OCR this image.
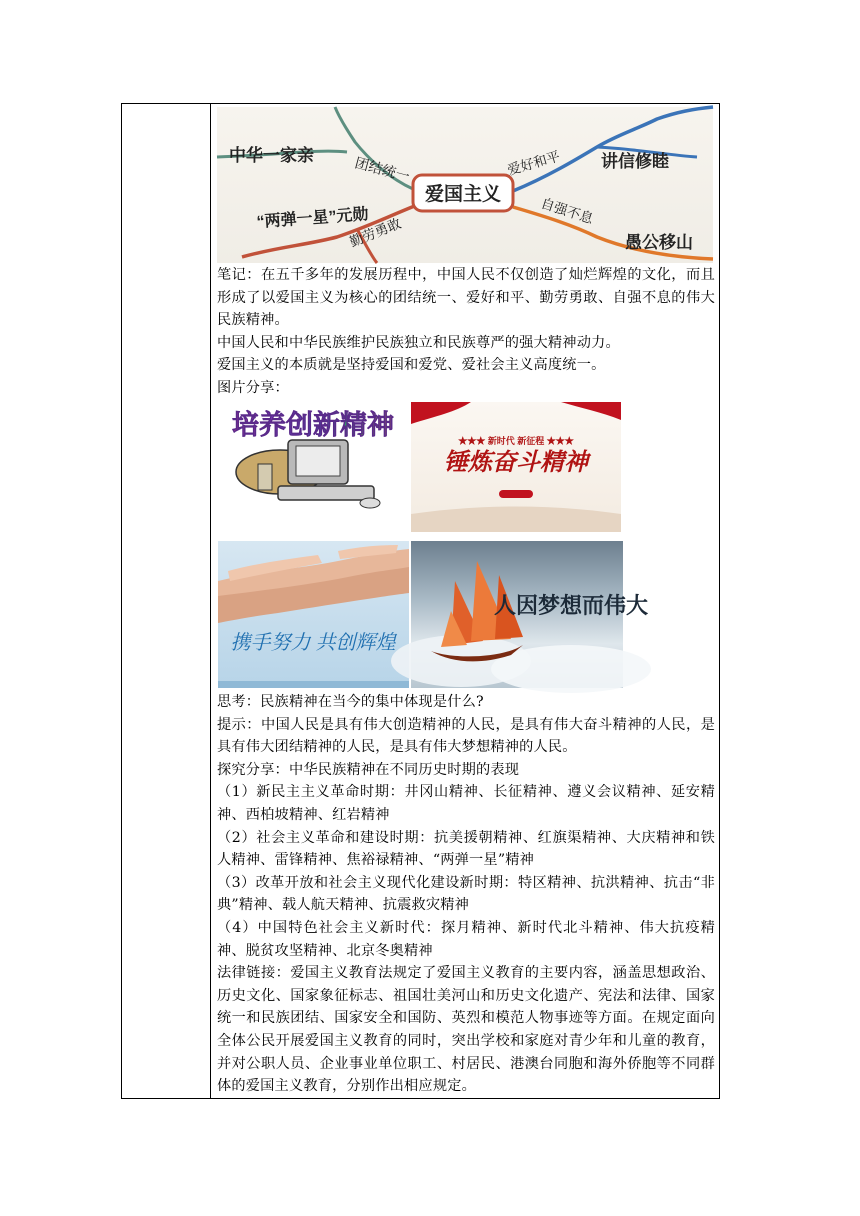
爱国主义
团结统一	爱好和平
勤劳勇敢
自强不息
中华一家亲	讲信修睦
“两弹一星”元勋
愚公移山

笔记：在五千多年的发展历程中，中国人民不仅创造了灿烂辉煌的文化，而且形成了以爱国主义为核心的团结统一、爱好和平、勤劳勇敢、自强不息的伟大民族精神。

中国人民和中华民族维护民族独立和民族尊严的强大精神动力。

爱国主义的本质就是坚持爱国和爱党、爱社会主义高度统一。

图片分享：

培养创新精神
★★★ 新时代 新征程 ★★★
锤炼奋斗精神
携手努力 共创辉煌
人因梦想而伟大

思考：民族精神在当今的集中体现是什么?

提示：中国人民是具有伟大创造精神的人民，是具有伟大奋斗精神的人民，是具有伟大团结精神的人民，是具有伟大梦想精神的人民。

探究分享：中华民族精神在不同历史时期的表现

（1）新民主主义革命时期：井冈山精神、长征精神、遵义会议精神、延安精神、西柏坡精神、红岩精神

（2）社会主义革命和建设时期：抗美援朝精神、红旗渠精神、大庆精神和铁人精神、雷锋精神、焦裕禄精神、“两弹一星”精神

（3）改革开放和社会主义现代化建设新时期：特区精神、抗洪精神、抗击“非典”精神、载人航天精神、抗震救灾精神

（4）中国特色社会主义新时代：探月精神、新时代北斗精神、伟大抗疫精神、脱贫攻坚精神、北京冬奥精神

法律链接：爱国主义教育法规定了爱国主义教育的主要内容，涵盖思想政治、历史文化、国家象征标志、祖国壮美河山和历史文化遗产、宪法和法律、国家统一和民族团结、国家安全和国防、英烈和模范人物事迹等方面。在规定面向全体公民开展爱国主义教育的同时，突出学校和家庭对青少年和儿童的教育，并对公职人员、企业事业单位职工、村居民、港澳台同胞和海外侨胞等不同群体的爱国主义教育，分别作出相应规定。
